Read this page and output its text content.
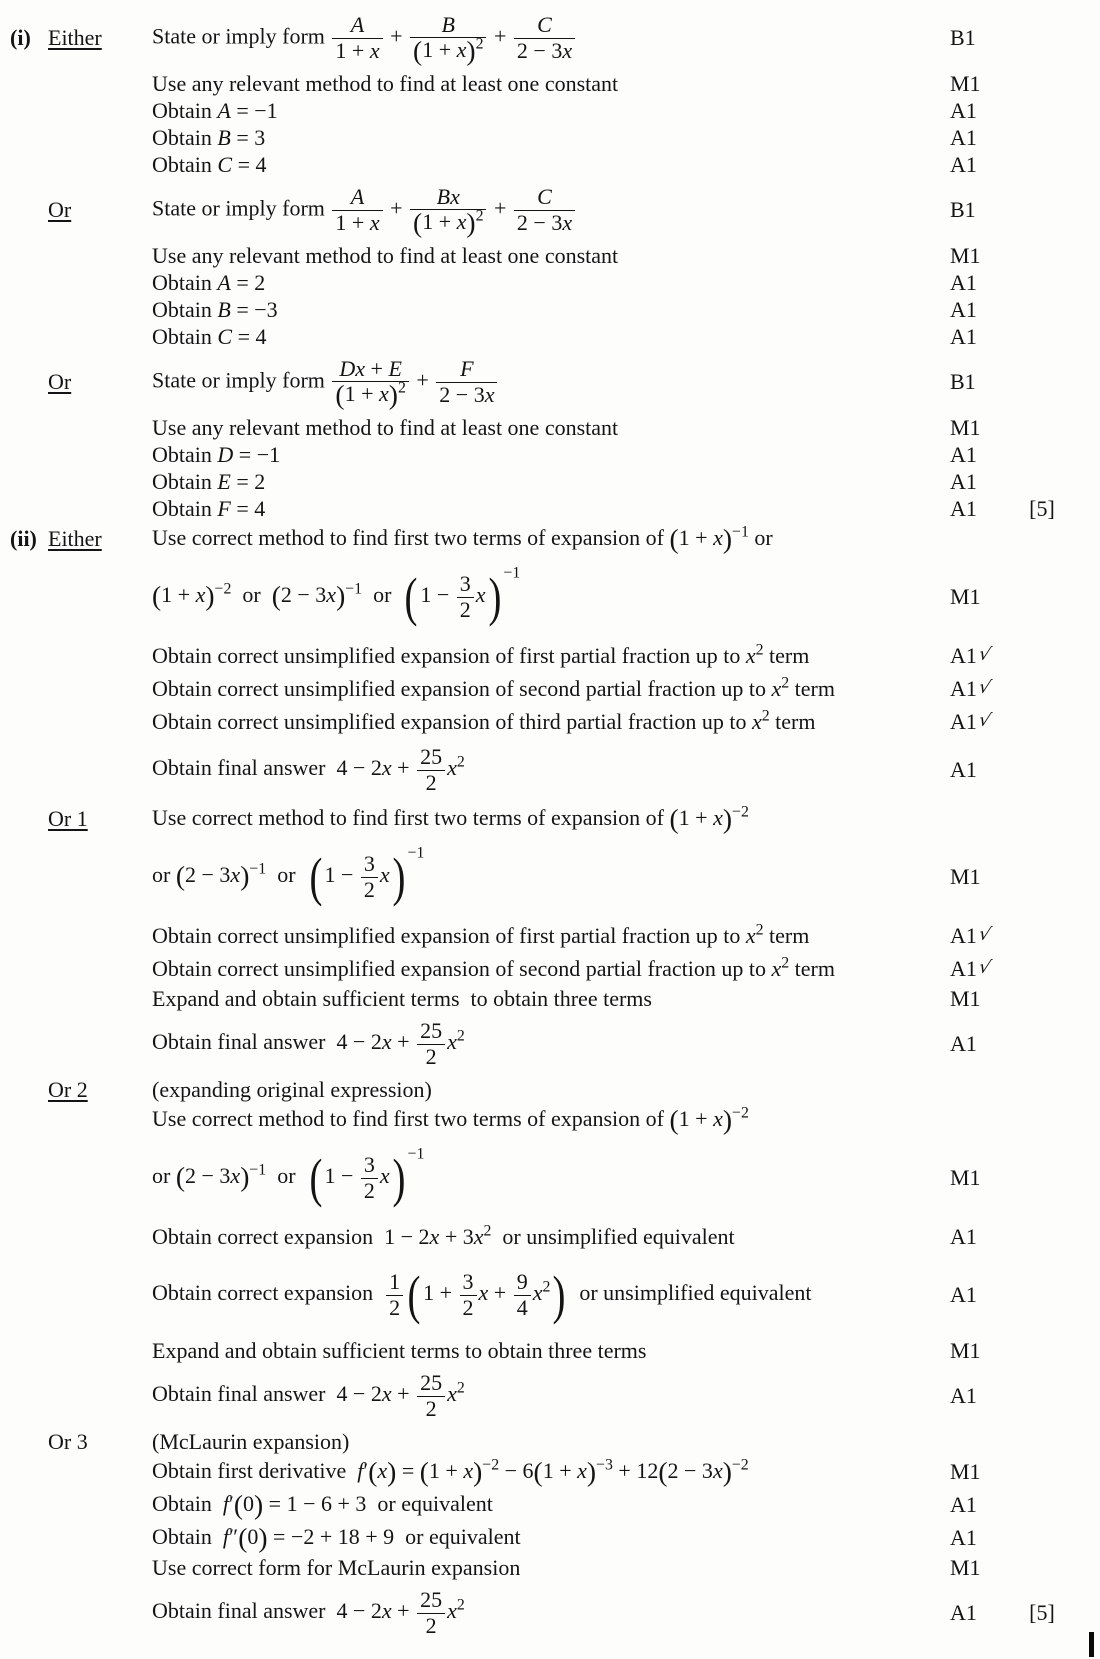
(i) Either	State or imply form $\frac{A}{1 + x} + \frac{B}{(1 + x)^2} + \frac{C}{2 - 3x}$	B1
Use any relevant method to find at least one constant	M1
Obtain A = −1	A1
Obtain B = 3	A1
Obtain C = 4	A1
Or	State or imply form $\frac{A}{1 + x} + \frac{Bx}{(1 + x)^2} + \frac{C}{2 - 3x}$	B1
Use any relevant method to find at least one constant	M1
Obtain A = 2	A1
Obtain B = −3	A1
Obtain C = 4	A1
Or	State or imply form $\frac{Dx + E}{(1 + x)^2} + \frac{F}{2 - 3x}$	B1
Use any relevant method to find at least one constant	M1
Obtain D = −1	A1
Obtain E = 2	A1
Obtain F = 4	A1	[5]
(ii) Either	Use correct method to find first two terms of expansion of $(1 + x)^{-1}$ or
$(1 + x)^{-2}$  or  $(2 - 3x)^{-1}$  or  ( $1 - \frac{3}{2} x$) $^{-1}$
M1
Obtain correct unsimplified expansion of first partial fraction up to $x^2$ term	A1√
Obtain correct unsimplified expansion of second partial fraction up to $x^2$ term	A1√
Obtain correct unsimplified expansion of third partial fraction up to $x^2$ term	A1√
Obtain final answer  $4 - 2x + \frac{25}{2} x^2$	A1
Or 1	Use correct method to find first two terms of expansion of $(1 + x)^{-2}$
or $(2 - 3x)^{-1}$  or  ( $1 - \frac{3}{2} x$) $^{-1}$
M1
Obtain correct unsimplified expansion of first partial fraction up to $x^2$ term	A1√
Obtain correct unsimplified expansion of second partial fraction up to $x^2$ term	A1√
Expand and obtain sufficient terms  to obtain three terms	M1
Obtain final answer  $4 - 2x + \frac{25}{2} x^2$	A1
Or 2	(expanding original expression)
Use correct method to find first two terms of expansion of $(1 + x)^{-2}$
or $(2 - 3x)^{-1}$  or  ( $1 - \frac{3}{2} x$) $^{-1}$
M1
Obtain correct expansion  $1 - 2x + 3x^2$  or unsimplified equivalent	A1
Obtain correct expansion $\frac{1}{2}$ ( $1 + \frac{3}{2}$ $x + \frac{9}{4} x^2$)  or unsimplified equivalent	A1
Expand and obtain sufficient terms to obtain three terms	M1
Obtain final answer  $4 - 2x + \frac{25}{2} x^2$	A1
Or 3	(McLaurin expansion)
Obtain first derivative  $f'(x) = (1 + x)^{-2} - 6(1 + x)^{-3} + 12(2 - 3x)^{-2}$	M1
Obtain  f′(0) = 1 − 6 + 3  or equivalent	A1
Obtain  f″(0) = −2 + 18 + 9  or equivalent	A1
Use correct form for McLaurin expansion	M1
Obtain final answer  $4 - 2x + \frac{25}{2} x^2$	A1	[5]
